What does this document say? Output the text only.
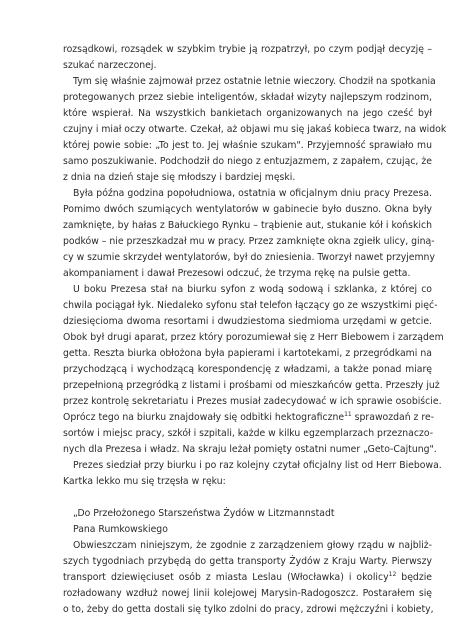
rozsądkowi, rozsądek w szybkim trybie ją rozpatrzył, po czym podjął decyzję –
szukać narzeczonej.
Tym się właśnie zajmował przez ostatnie letnie wieczory. Chodził na spotkania
protegowanych przez siebie inteligentów, składał wizyty najlepszym rodzinom,
które wspierał. Na wszystkich bankietach organizowanych na jego cześć był
czujny i miał oczy otwarte. Czekał, aż objawi mu się jakaś kobieca twarz, na widok
której powie sobie: „To jest to. Jej właśnie szukam". Przyjemność sprawiało mu
samo poszukiwanie. Podchodził do niego z entuzjazmem, z zapałem, czując, że
z dnia na dzień staje się młodszy i bardziej męski.
Była późna godzina popołudniowa, ostatnia w oficjalnym dniu pracy Prezesa.
Pomimo dwóch szumiących wentylatorów w gabinecie było duszno. Okna były
zamknięte, by hałas z Bałuckiego Rynku – trąbienie aut, stukanie kół i końskich
podków – nie przeszkadzał mu w pracy. Przez zamknięte okna zgiełk ulicy, gina̧-
cy w szumie skrzydeł wentylatorów, był do zniesienia. Tworzył nawet przyjemny
akompaniament i dawał Prezesowi odczuć, że trzyma rękę na pulsie getta.
U boku Prezesa stał na biurku syfon z wodą sodową i szklanka, z której co
chwila pociągał łyk. Niedaleko syfonu stał telefon łączący go ze wszystkimi pięć-
dziesięcioma dwoma resortami i dwudziestoma siedmioma urzędami w getcie.
Obok był drugi aparat, przez który porozumiewał się z Herr Biebowem i zarządem
getta. Reszta biurka obłożona była papierami i kartotekami, z przegródkami na
przychodzącą i wychodzącą korespondencję z władzami, a także ponad miarę
przepełnioną przegródką z listami i prośbami od mieszkańców getta. Przeszły już
przez kontrolę sekretariatu i Prezes musiał zadecydować w ich sprawie osobiście.
Oprócz tego na biurku znajdowały się odbitki hektograficzne$^{11}$ sprawozdań z re-
sortów i miejsc pracy, szkół i szpitali, każde w kilku egzemplarzach przeznaczo-
nych dla Prezesa i władz. Na skraju leżał pomięty ostatni numer „Geto-Cajtung".
Prezes siedział przy biurku i po raz kolejny czytał oficjalny list od Herr Biebowa.
Kartka lekko mu się trzęsła w ręku:
„Do Przełożonego Starszeństwa Żydów w Litzmannstadt
Pana Rumkowskiego
Obwieszczam niniejszym, że zgodnie z zarządzeniem głowy rządu w najbliż-
szych tygodniach przybędą do getta transporty Żydów z Kraju Warty. Pierwszy
transport dziewięciuset osób z miasta Leslau (Włocławka) i okolicy$^{12}$ będzie
rozładowany wzdłuż nowej linii kolejowej Marysin-Radogoszcz. Postarałem się
o to, żeby do getta dostali się tylko zdolni do pracy, zdrowi mężczyźni i kobiety,
